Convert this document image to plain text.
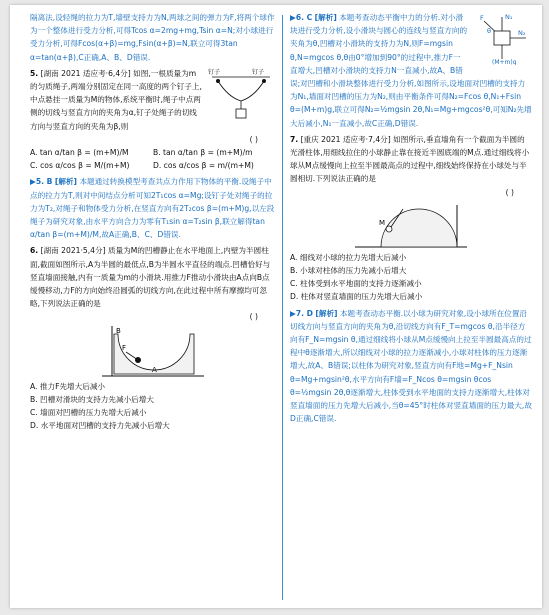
隔离法,设轻绳的拉力为T,墙壁支持力为N,两球之间的弹力为F,将两个球作为一个整体进行受力分析,可得Tcos α=2mg+mg,Tsin α=N;对小球进行受力分析,可得Fcos(α+β)=mg,Fsin(α+β)=N,联立可得3tan α=tan(α+β),C正确,A、B、D错误.
钉子	钉子
5. [湖南 2021 适应考·6,4分] 如图,一根质量为m的匀质绳子,两端分别固定在同一高度的两个钉子上,中点悬挂一质量为M的物体,系统平衡时,绳子中点两侧的切线与竖直方向的夹角为α,钉子处绳子的切线方向与竖直方向的夹角为β,则
( )

A. tan α/tan β = (m+M)/M	B. tan α/tan β = (m+M)/m
C. cos α/cos β = M/(m+M)	D. cos α/cos β = m/(m+M)
▶5. B [解析] 本题通过转换模型考查共点力作用下物体的平衡.设绳子中点的拉力为T,则对中间结点分析可知2T₁cos α=Mg;设钉子处对绳子的拉力为T₂,对绳子和物体受力分析,在竖直方向有2T₂cos β=(m+M)g,以左段绳子为研究对象,由水平方向合力为零有T₁sin α=T₂sin β,联立解得tan α/tan β=(m+M)/M,故A正确,B、C、D错误.
6. [湖南 2021·5,4分] 质量为M的凹槽静止在水平地面上,内壁为半圆柱面,截面如图所示,A为半圆的最低点,B为半圆水平直径的端点.凹槽恰好与竖直墙面接触,内有一质量为m的小滑块.用推力F推动小滑块由A点向B点缓慢移动,力F的方向始终沿圆弧的切线方向,在此过程中所有摩擦均可忽略,下列说法正确的是
( )

B
A
F
A. 推力F先增大后减小
B. 凹槽对滑块的支持力先减小后增大
C. 墙面对凹槽的压力先增大后减小
D. 水平地面对凹槽的支持力先减小后增大
F	N₁
N₂
θ
(M+m)g
▶6. C [解析] 本题考查动态平衡中力的分析.对小滑块进行受力分析,设小滑块与圆心的连线与竖直方向的夹角为θ,凹槽对小滑块的支持力为N,则F=mgsin θ,N=mgcos θ,θ由0°增加到90°的过程中,推力F一直增大,凹槽对小滑块的支持力N一直减小,故A、B错误;对凹槽和小滑块整体进行受力分析,如图所示,设地面对凹槽的支持力为N₁,墙面对凹槽的压力为N₂,则由平衡条件可得N₂=Fcos θ,N₁+Fsin θ=(M+m)g,联立可得N₂=½mgsin 2θ,N₁=Mg+mgcos²θ,可知N₂先增大后减小,N₁一直减小,故C正确,D错误.
7. [重庆 2021 适应考·7,4分] 如图所示,垂直墙角有一个截面为半圆的光滑柱体,用细线拉住的小球静止靠在接近半圆底端的M点.通过细线将小球从M点缓慢向上拉至半圆最高点的过程中,细线始终保持在小球处与半圆相切.下列说法正确的是
( )

M
A. 细线对小球的拉力先增大后减小
B. 小球对柱体的压力先减小后增大
C. 柱体受到水平地面的支持力逐渐减小
D. 柱体对竖直墙面的压力先增大后减小
▶7. D [解析] 本题考查动态平衡.以小球为研究对象,设小球所在位置沿切线方向与竖直方向的夹角为θ,沿切线方向有F_T=mgcos θ,沿半径方向有F_N=mgsin θ,通过细线将小球从M点缓慢向上拉至半圆最高点的过程中θ逐渐增大,所以细线对小球的拉力逐渐减小,小球对柱体的压力逐渐增大,故A、B错误;以柱体为研究对象,竖直方向有F地=Mg+F_Nsin θ=Mg+mgsin²θ,水平方向有F墙=F_Ncos θ=mgsin θcos θ=½mgsin 2θ,θ逐渐增大,柱体受到水平地面的支持力逐渐增大,柱体对竖直墙面的压力先增大后减小,当θ=45°时柱体对竖直墙面的压力最大,故D正确,C错误.
